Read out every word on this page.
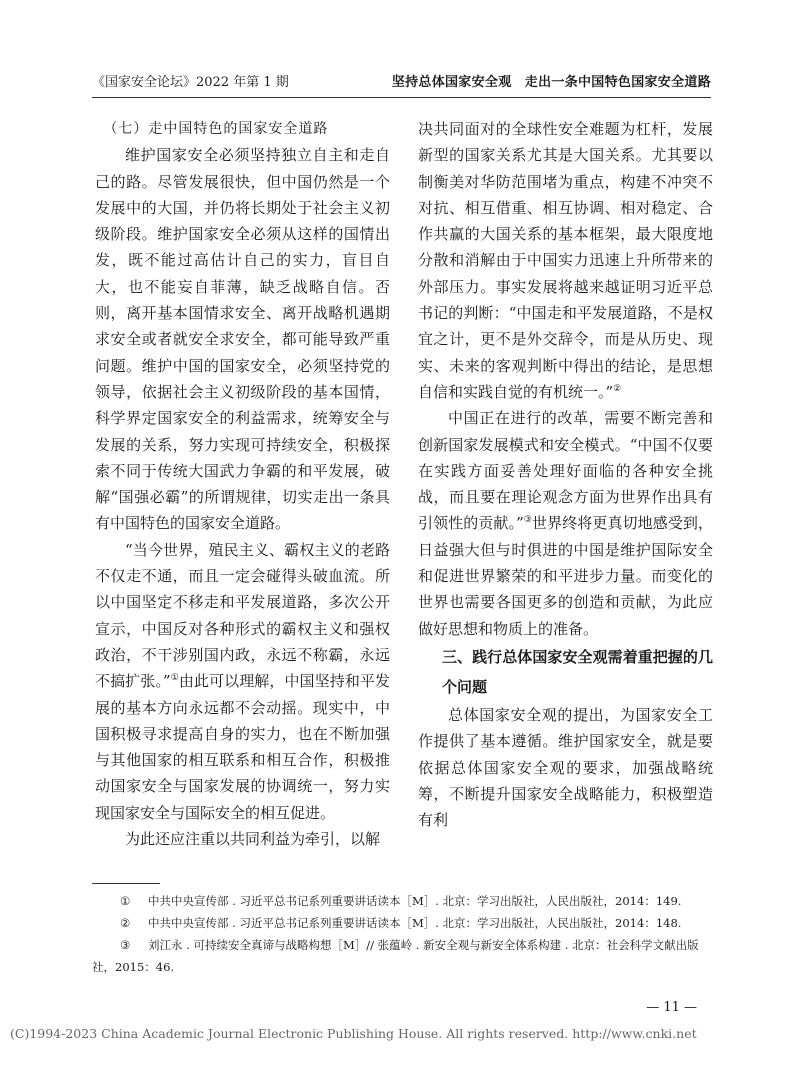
《国家安全论坛》2022 年第 1 期	坚持总体国家安全观　走出一条中国特色国家安全道路

（七）走中国特色的国家安全道路

维护国家安全必须坚持独立自主和走自己的路。尽管发展很快，但中国仍然是一个发展中的大国，并仍将长期处于社会主义初级阶段。维护国家安全必须从这样的国情出发，既不能过高估计自己的实力，盲目自大，也不能妄自菲薄，缺乏战略自信。否则，离开基本国情求安全、离开战略机遇期求安全或者就安全求安全，都可能导致严重问题。维护中国的国家安全，必须坚持党的领导，依据社会主义初级阶段的基本国情，科学界定国家安全的利益需求，统筹安全与发展的关系，努力实现可持续安全，积极探索不同于传统大国武力争霸的和平发展，破解“国强必霸”的所谓规律，切实走出一条具有中国特色的国家安全道路。

“当今世界，殖民主义、霸权主义的老路不仅走不通，而且一定会碰得头破血流。所以中国坚定不移走和平发展道路，多次公开宣示，中国反对各种形式的霸权主义和强权政治，不干涉别国内政，永远不称霸，永远不搞扩张。”①由此可以理解，中国坚持和平发展的基本方向永远都不会动摇。现实中，中国积极寻求提高自身的实力，也在不断加强与其他国家的相互联系和相互合作，积极推动国家安全与国家发展的协调统一，努力实现国家安全与国际安全的相互促进。

为此还应注重以共同利益为牵引，以解

决共同面对的全球性安全难题为杠杆，发展新型的国家关系尤其是大国关系。尤其要以制衡美对华防范围堵为重点，构建不冲突不对抗、相互借重、相互协调、相对稳定、合作共赢的大国关系的基本框架，最大限度地分散和消解由于中国实力迅速上升所带来的外部压力。事实发展将越来越证明习近平总书记的判断：“中国走和平发展道路，不是权宜之计，更不是外交辞令，而是从历史、现实、未来的客观判断中得出的结论，是思想自信和实践自觉的有机统一。”②

中国正在进行的改革，需要不断完善和创新国家发展模式和安全模式。“中国不仅要在实践方面妥善处理好面临的各种安全挑战，而且要在理论观念方面为世界作出具有引领性的贡献。”③世界终将更真切地感受到，日益强大但与时俱进的中国是维护国际安全和促进世界繁荣的和平进步力量。而变化的世界也需要各国更多的创造和贡献，为此应做好思想和物质上的准备。

三、践行总体国家安全观需着重把握的几个问题

总体国家安全观的提出，为国家安全工作提供了基本遵循。维护国家安全，就是要依据总体国家安全观的要求，加强战略统筹，不断提升国家安全战略能力，积极塑造有利

① 中共中央宣传部 . 习近平总书记系列重要讲话读本［M］. 北京：学习出版社，人民出版社，2014：149.

② 中共中央宣传部 . 习近平总书记系列重要讲话读本［M］. 北京：学习出版社，人民出版社，2014：148.

③ 刘江永 . 可持续安全真谛与战略构想［M］// 张蕴岭 . 新安全观与新安全体系构建 . 北京：社会科学文献出版社，2015：46.

— 11 —
(C)1994-2023 China Academic Journal Electronic Publishing House. All rights reserved. http://www.cnki.net
